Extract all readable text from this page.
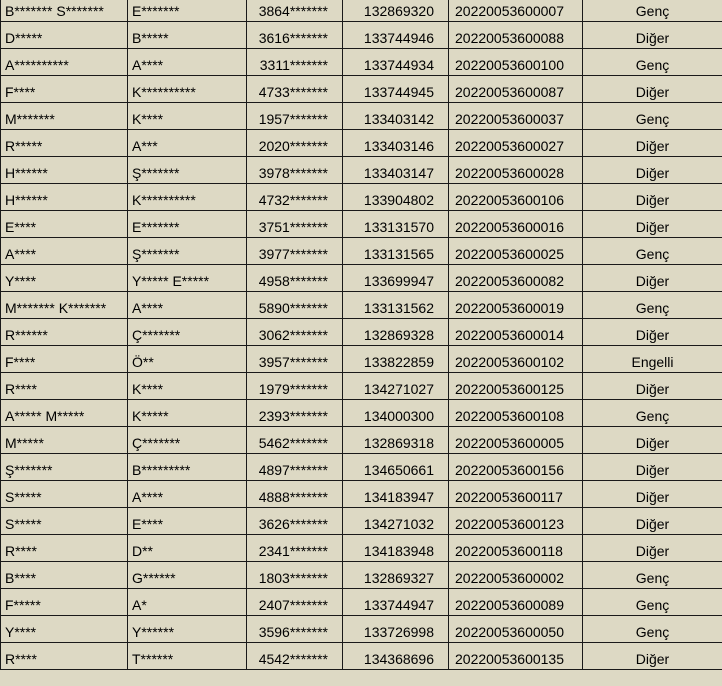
B******* S*******	E*******	3864*******	132869320	20220053600007	Genç
D*****	B*****	3616*******	133744946	20220053600088	Diğer
A**********	A****	3311*******	133744934	20220053600100	Genç
F****	K**********	4733*******	133744945	20220053600087	Diğer
M*******	K****	1957*******	133403142	20220053600037	Genç
R*****	A***	2020*******	133403146	20220053600027	Diğer
H******	Ş*******	3978*******	133403147	20220053600028	Diğer
H******	K**********	4732*******	133904802	20220053600106	Diğer
E****	E*******	3751*******	133131570	20220053600016	Diğer
A****	Ş*******	3977*******	133131565	20220053600025	Genç
Y****	Y***** E*****	4958*******	133699947	20220053600082	Diğer
M******* K*******	A****	5890*******	133131562	20220053600019	Genç
R******	Ç*******	3062*******	132869328	20220053600014	Diğer
F****	Ö**	3957*******	133822859	20220053600102	Engelli
R****	K****	1979*******	134271027	20220053600125	Diğer
A***** M*****	K*****	2393*******	134000300	20220053600108	Genç
M*****	Ç*******	5462*******	132869318	20220053600005	Diğer
Ş*******	B*********	4897*******	134650661	20220053600156	Diğer
S*****	A****	4888*******	134183947	20220053600117	Diğer
S*****	E****	3626*******	134271032	20220053600123	Diğer
R****	D**	2341*******	134183948	20220053600118	Diğer
B****	G******	1803*******	132869327	20220053600002	Genç
F*****	A*	2407*******	133744947	20220053600089	Genç
Y****	Y******	3596*******	133726998	20220053600050	Genç
R****	T******	4542*******	134368696	20220053600135	Diğer
